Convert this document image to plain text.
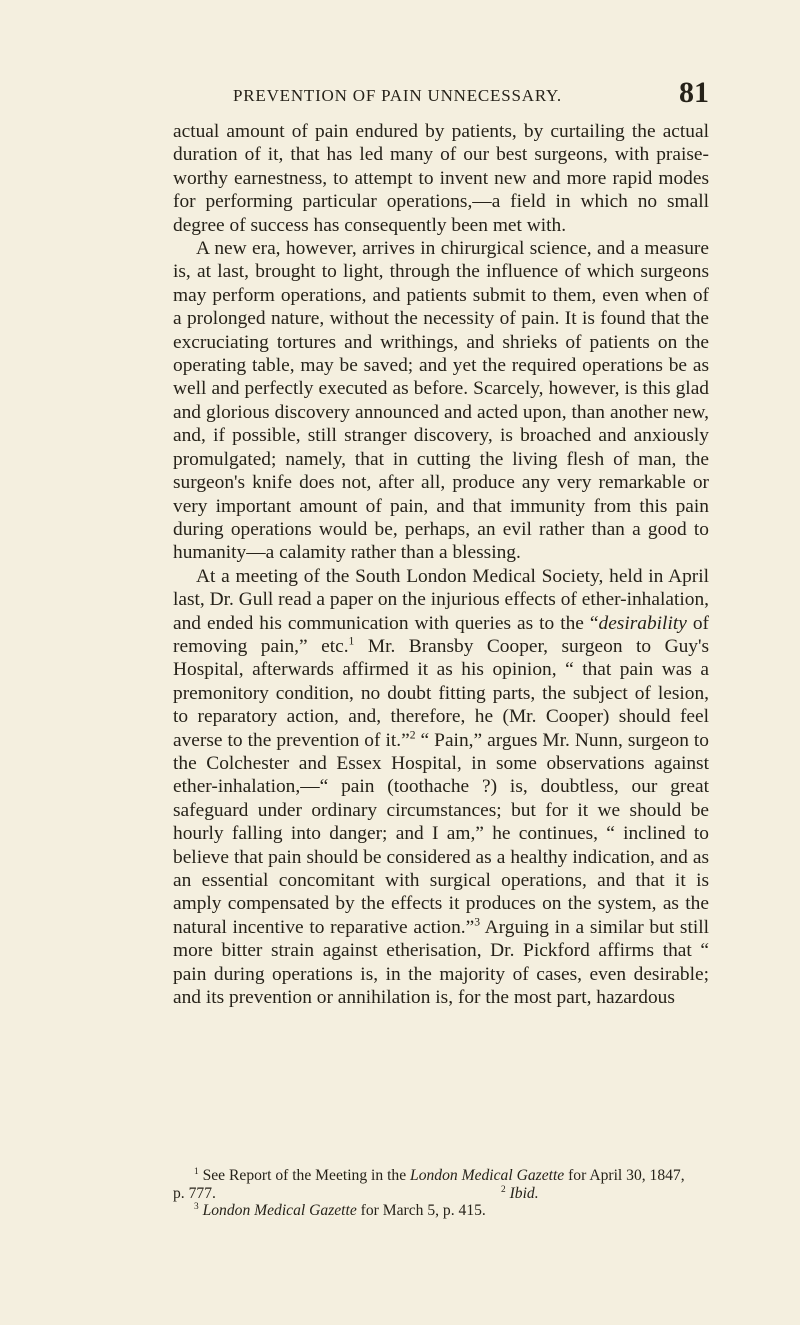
PREVENTION OF PAIN UNNECESSARY.	81

actual amount of pain endured by patients, by curtailing the actual duration of it, that has led many of our best surgeons, with praiseworthy earnestness, to attempt to invent new and more rapid modes for performing particular operations,—a field in which no small degree of success has consequently been met with.

A new era, however, arrives in chirurgical science, and a measure is, at last, brought to light, through the influence of which surgeons may perform operations, and patients submit to them, even when of a prolonged nature, without the necessity of pain. It is found that the excruciating tortures and writhings, and shrieks of patients on the operating table, may be saved; and yet the required operations be as well and perfectly executed as before. Scarcely, however, is this glad and glorious discovery announced and acted upon, than another new, and, if possible, still stranger discovery, is broached and anxiously promulgated; namely, that in cutting the living flesh of man, the surgeon's knife does not, after all, produce any very remarkable or very important amount of pain, and that immunity from this pain during operations would be, perhaps, an evil rather than a good to humanity—a calamity rather than a blessing.

At a meeting of the South London Medical Society, held in April last, Dr. Gull read a paper on the injurious effects of ether-inhalation, and ended his communication with queries as to the “desirability of removing pain,” etc.$^1$ Mr. Bransby Cooper, surgeon to Guy's Hospital, afterwards affirmed it as his opinion, “ that pain was a premonitory condition, no doubt fitting parts, the subject of lesion, to reparatory action, and, therefore, he (Mr. Cooper) should feel averse to the prevention of it.”$^2$ “ Pain,” argues Mr. Nunn, surgeon to the Colchester and Essex Hospital, in some observations against ether-inhalation,—“ pain (toothache ?) is, doubtless, our great safeguard under ordinary circumstances; but for it we should be hourly falling into danger; and I am,” he continues, “ inclined to believe that pain should be considered as a healthy indication, and as an essential concomitant with surgical operations, and that it is amply compensated by the effects it produces on the system, as the natural incentive to reparative action.”$^3$ Arguing in a similar but still more bitter strain against etherisation, Dr. Pickford affirms that “ pain during operations is, in the majority of cases, even desirable; and its prevention or annihilation is, for the most part, hazardous

$^1$ See Report of the Meeting in the London Medical Gazette for April 30, 1847,

p. 777.	$^2$ Ibid.

$^3$ London Medical Gazette for March 5, p. 415.
